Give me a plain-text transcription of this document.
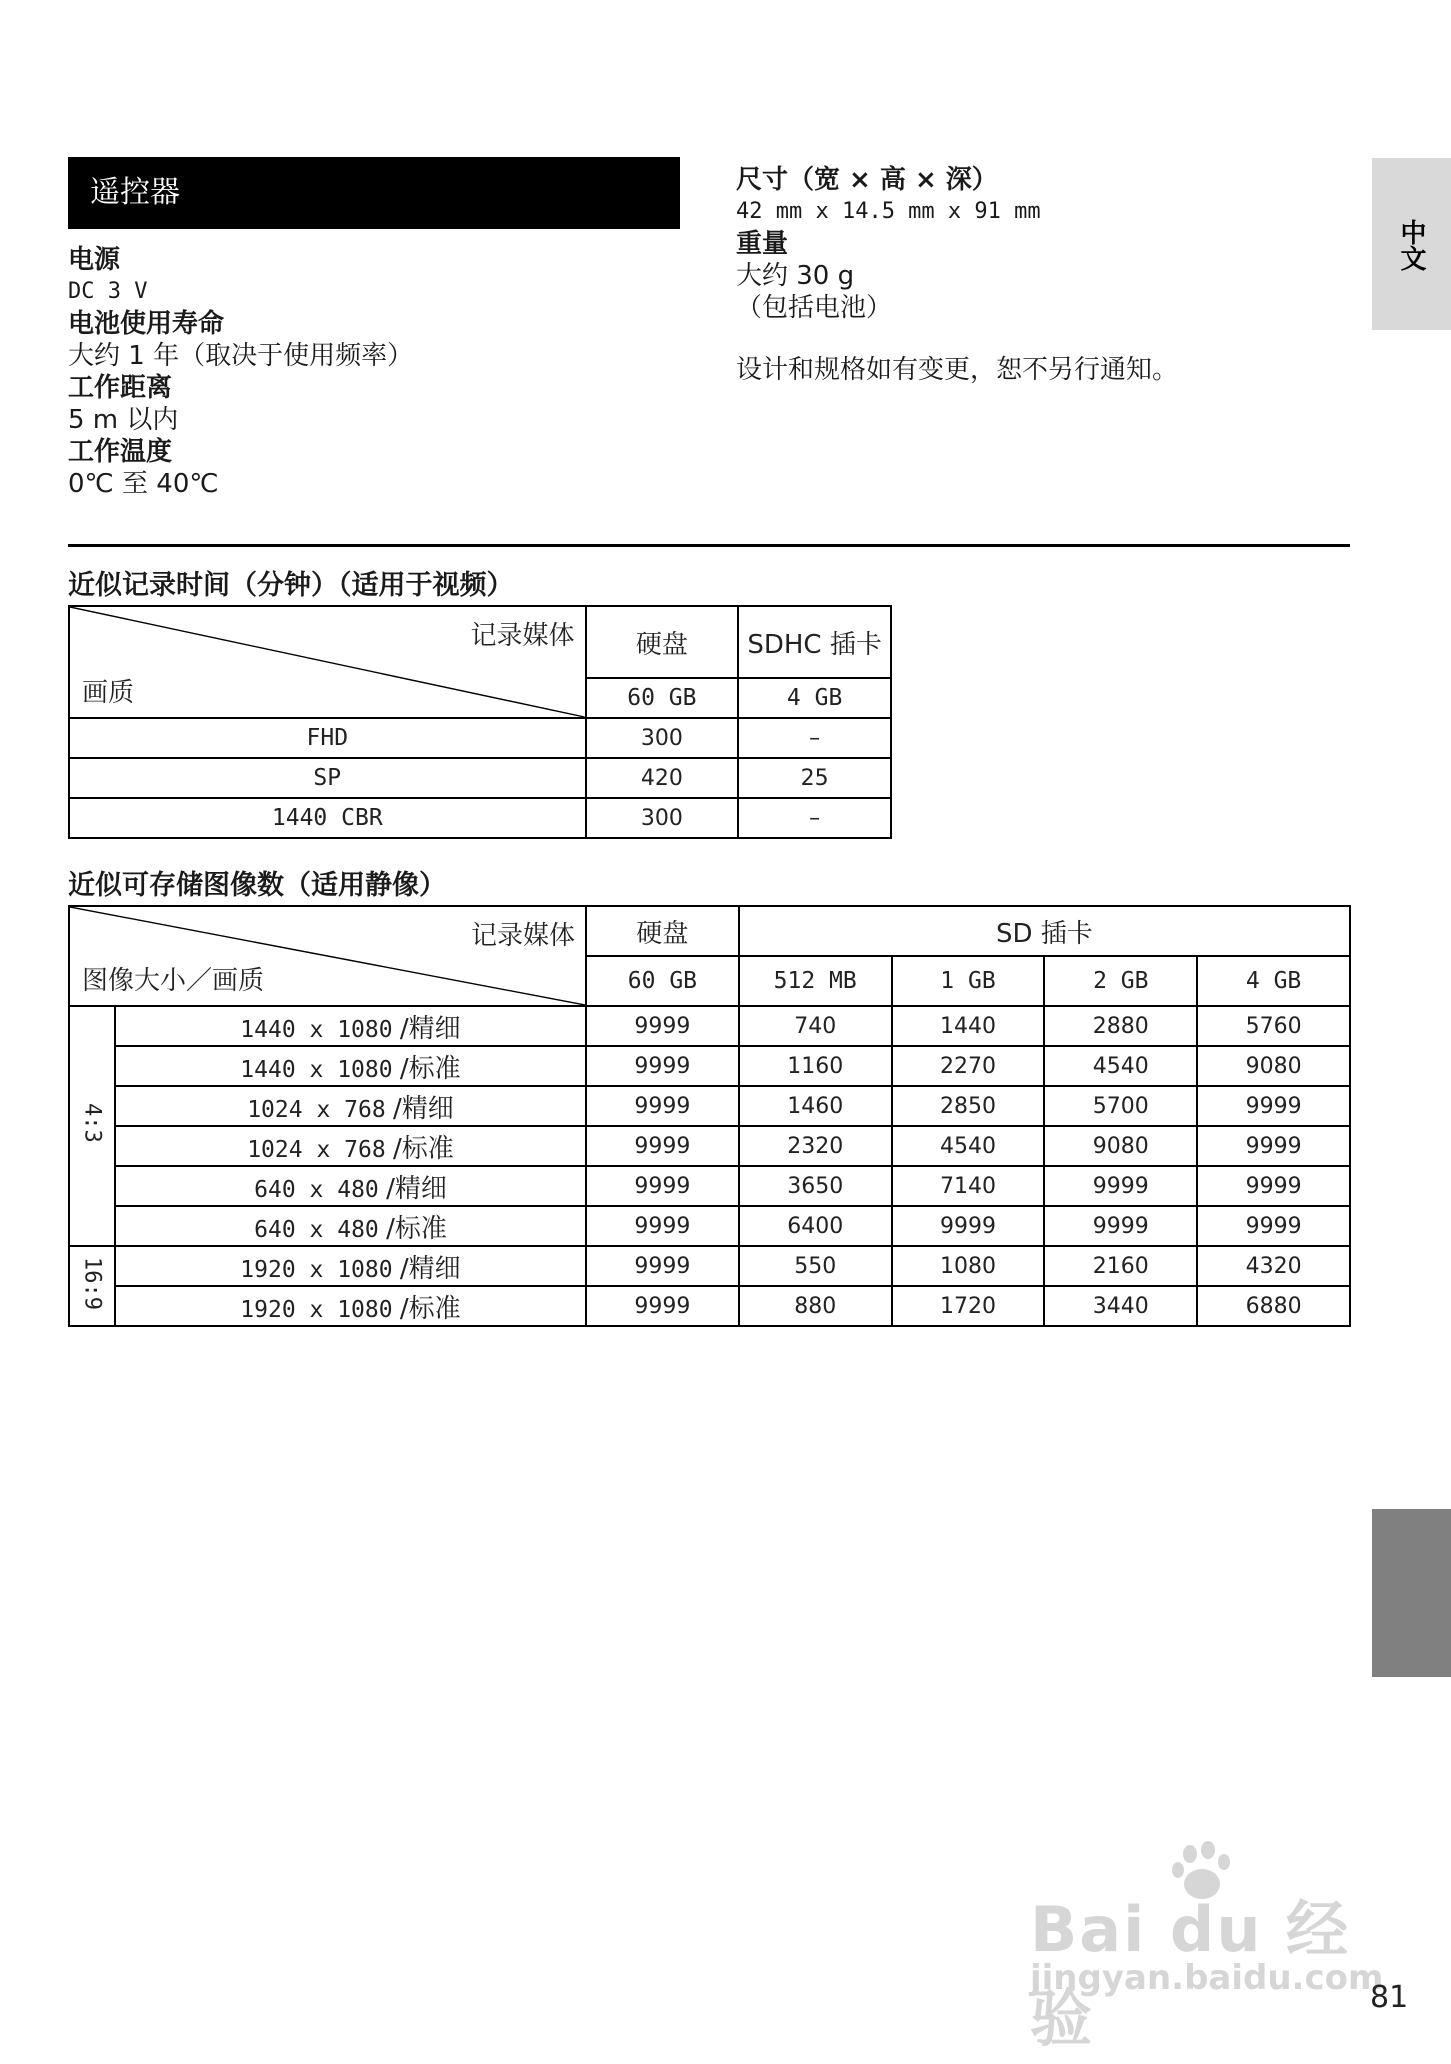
遥控器
电源
DC 3 V
电池使用寿命
大约 1 年（取决于使用频率）
工作距离
5 m 以内
工作温度
0℃ 至 40℃
尺寸（宽 × 高 × 深）
42 mm x 14.5 mm x 91 mm
重量
大约 30 g
（包括电池）
设计和规格如有变更，恕不另行通知。
中文
近似记录时间（分钟）（适用于视频）
记录媒体
画质	硬盘	SDHC 插卡
	60 GB	4 GB
FHD	300	–
SP	420	25
1440 CBR	300	–
近似可存储图像数（适用静像）
记录媒体
图像大小／画质		硬盘	SD 插卡			
		60 GB	512 MB	1 GB	2 GB	4 GB
4:3	1440 x 1080 /精细	9999	740	1440	2880	5760
	1440 x 1080 /标准	9999	1160	2270	4540	9080
	1024 x 768 /精细	9999	1460	2850	5700	9999
	1024 x 768 /标准	9999	2320	4540	9080	9999
	640 x 480 /精细	9999	3650	7140	9999	9999
	640 x 480 /标准	9999	6400	9999	9999	9999
16:9	1920 x 1080 /精细	9999	550	1080	2160	4320
	1920 x 1080 /标准	9999	880	1720	3440	6880
Bai du 经验
jingyan.baidu.com
81
